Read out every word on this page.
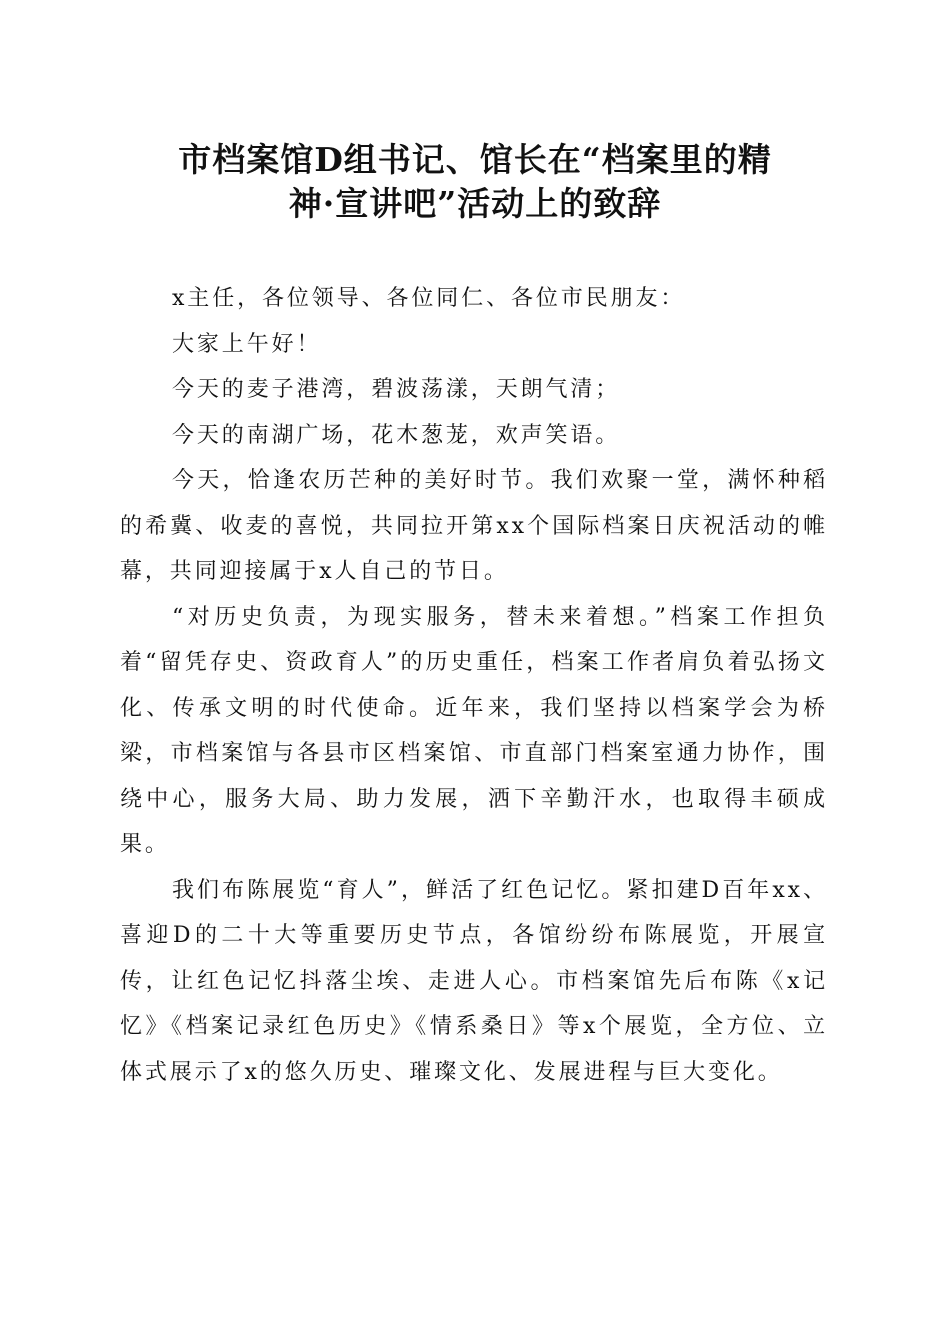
市档案馆D组书记、馆长在“档案里的精
神·宣讲吧”活动上的致辞

x主任，各位领导、各位同仁、各位市民朋友：

大家上午好！

今天的麦子港湾，碧波荡漾，天朗气清；

今天的南湖广场，花木葱茏，欢声笑语。

今天，恰逢农历芒种的美好时节。我们欢聚一堂，满怀种稻的希冀、收麦的喜悦，共同拉开第xx个国际档案日庆祝活动的帷幕，共同迎接属于x人自己的节日。

“对历史负责，为现实服务，替未来着想。”档案工作担负着“留凭存史、资政育人”的历史重任，档案工作者肩负着弘扬文化、传承文明的时代使命。近年来，我们坚持以档案学会为桥梁，市档案馆与各县市区档案馆、市直部门档案室通力协作，围绕中心，服务大局、助力发展，洒下辛勤汗水，也取得丰硕成果。

我们布陈展览“育人”，鲜活了红色记忆。紧扣建D百年xx、喜迎D的二十大等重要历史节点，各馆纷纷布陈展览，开展宣传，让红色记忆抖落尘埃、走进人心。市档案馆先后布陈《x记忆》《档案记录红色历史》《情系桑日》等x个展览，全方位、立体式展示了x的悠久历史、璀璨文化、发展进程与巨大变化。
